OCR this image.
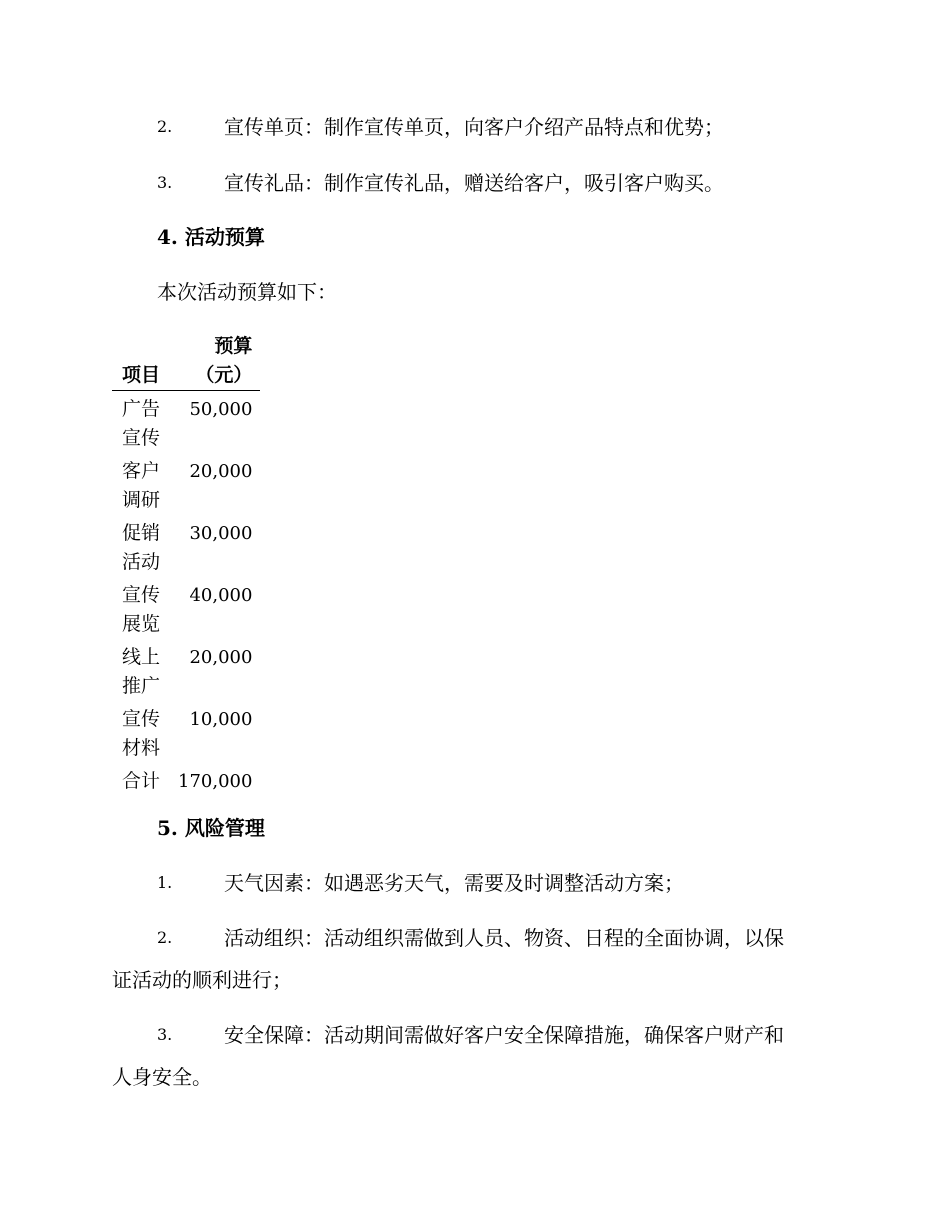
2.	宣传单页：制作宣传单页，向客户介绍产品特点和优势；
3.	宣传礼品：制作宣传礼品，赠送给客户，吸引客户购买。
4. 活动预算
本次活动预算如下：
项目	预算
（元）

广告
宣传	50,000

客户
调研	20,000

促销
活动	30,000

宣传
展览	40,000

线上
推广	20,000

宣传
材料	10,000

合计	170,000
5. 风险管理
1.	天气因素：如遇恶劣天气，需要及时调整活动方案；
2.	活动组织：活动组织需做到人员、物资、日程的全面协调，以保
证活动的顺利进行；
3.	安全保障：活动期间需做好客户安全保障措施，确保客户财产和
人身安全。
